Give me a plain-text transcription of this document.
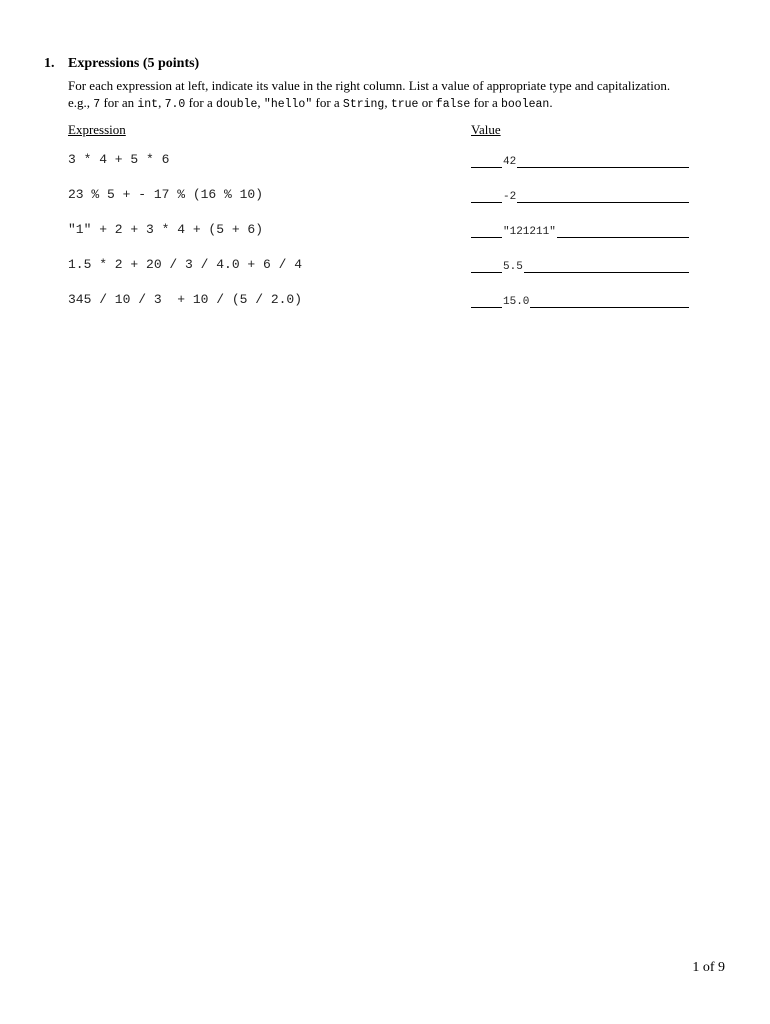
1. Expressions (5 points)
For each expression at left, indicate its value in the right column. List a value of appropriate type and capitalization.
e.g., 7 for an int, 7.0 for a double, "hello" for a String, true or false for a boolean.
Expression	Value
3 * 4 + 5 * 6	42
23 % 5 + - 17 % (16 % 10)	-2
"1" + 2 + 3 * 4 + (5 + 6)	"121211"
1.5 * 2 + 20 / 3 / 4.0 + 6 / 4	5.5
345 / 10 / 3  + 10 / (5 / 2.0)	15.0
1 of 9
